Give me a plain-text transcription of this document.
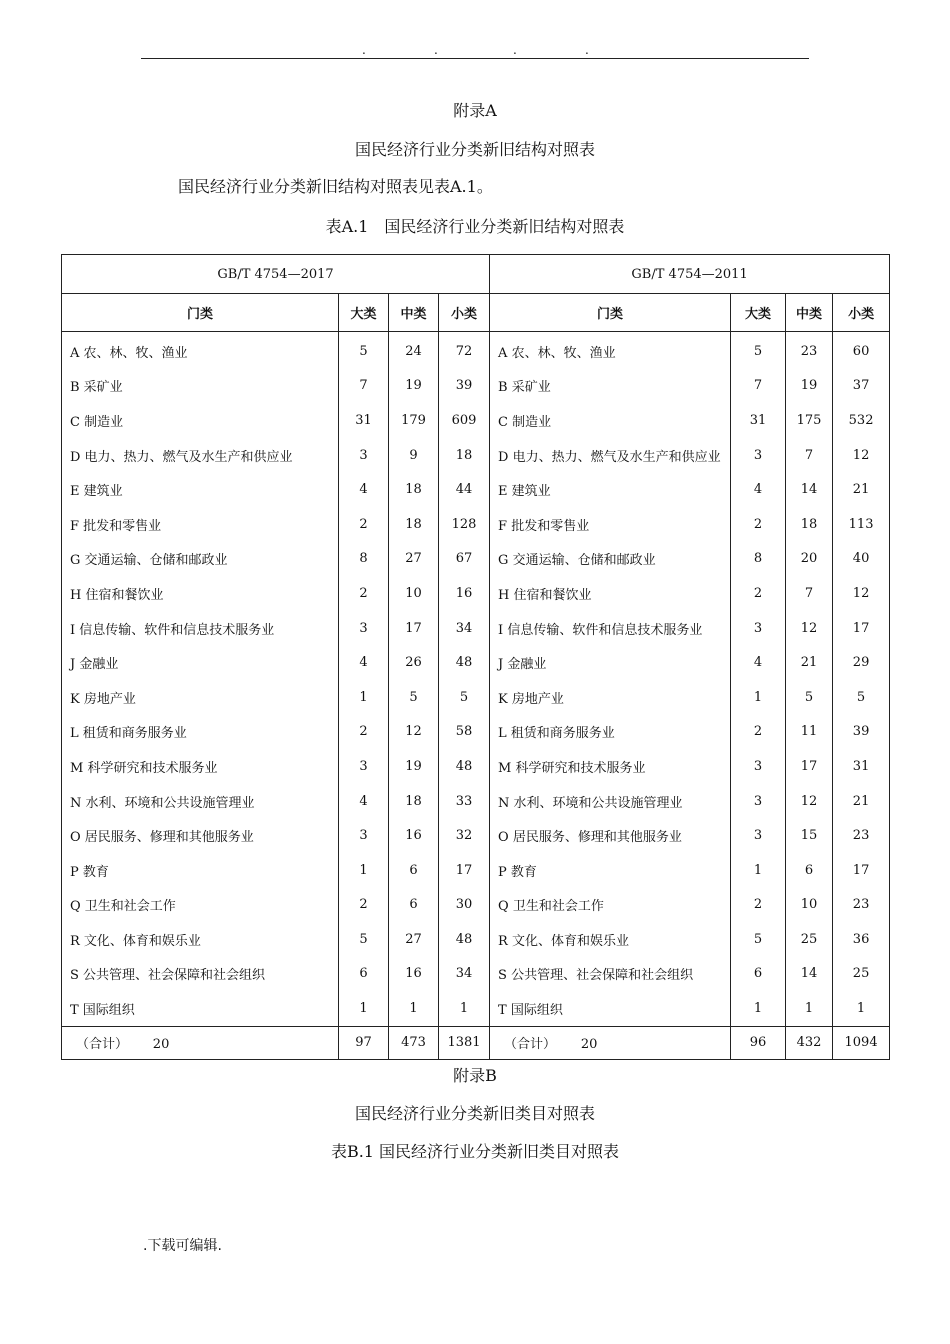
.	.	.	.
附录A
国民经济行业分类新旧结构对照表
国民经济行业分类新旧结构对照表见表A.1。
表A.1　国民经济行业分类新旧结构对照表
GB/T 4754—2017				GB/T 4754—2011			
门类	大类	中类	小类	门类	大类	中类	小类
A 农、林、牧、渔业	5	24	72	A 农、林、牧、渔业	5	23	60
B 采矿业	7	19	39	B 采矿业	7	19	37
C 制造业	31	179	609	C 制造业	31	175	532
D 电力、热力、燃气及水生产和供应业	3	9	18	D 电力、热力、燃气及水生产和供应业	3	7	12
E 建筑业	4	18	44	E 建筑业	4	14	21
F 批发和零售业	2	18	128	F 批发和零售业	2	18	113
G 交通运输、仓储和邮政业	8	27	67	G 交通运输、仓储和邮政业	8	20	40
H 住宿和餐饮业	2	10	16	H 住宿和餐饮业	2	7	12
I 信息传输、软件和信息技术服务业	3	17	34	I 信息传输、软件和信息技术服务业	3	12	17
J 金融业	4	26	48	J 金融业	4	21	29
K 房地产业	1	5	5	K 房地产业	1	5	5
L 租赁和商务服务业	2	12	58	L 租赁和商务服务业	2	11	39
M 科学研究和技术服务业	3	19	48	M 科学研究和技术服务业	3	17	31
N 水利、环境和公共设施管理业	4	18	33	N 水利、环境和公共设施管理业	3	12	21
O 居民服务、修理和其他服务业	3	16	32	O 居民服务、修理和其他服务业	3	15	23
P 教育	1	6	17	P 教育	1	6	17
Q 卫生和社会工作	2	6	30	Q 卫生和社会工作	2	10	23
R 文化、体育和娱乐业	5	27	48	R 文化、体育和娱乐业	5	25	36
S 公共管理、社会保障和社会组织	6	16	34	S 公共管理、社会保障和社会组织	6	14	25
T 国际组织	1	1	1	T 国际组织	1	1	1
（合计）      20	97	473	1381	（合计）      20	96	432	1094
附录B
国民经济行业分类新旧类目对照表
表B.1 国民经济行业分类新旧类目对照表
.下载可编辑.
